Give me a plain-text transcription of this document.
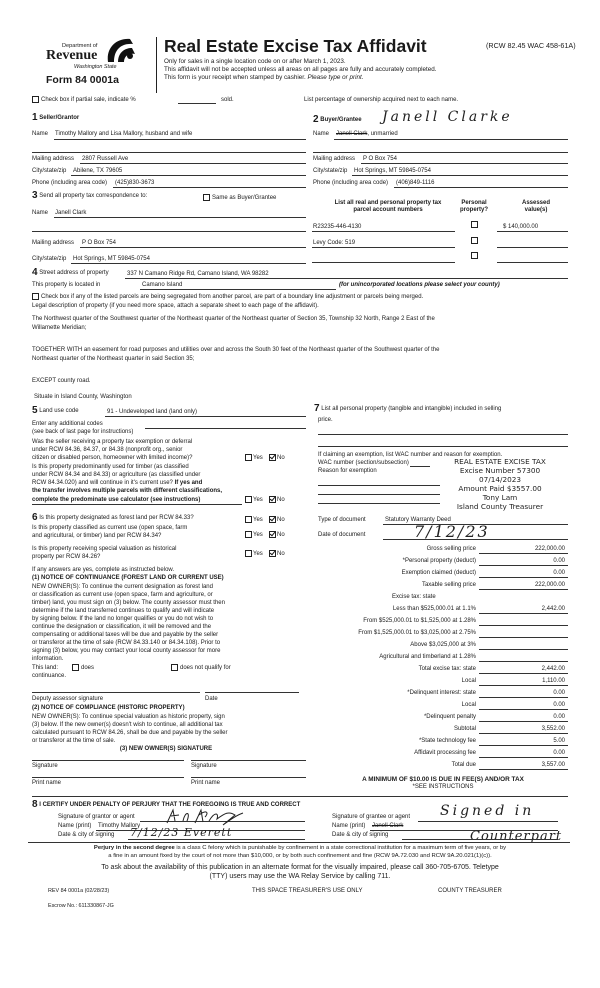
Department of
Revenue
Washington State
Form 84 0001a
Real Estate Excise Tax Affidavit	(RCW 82.45 WAC 458-61A)
Only for sales in a single location code on or after March 1, 2023.
This affidavit will not be accepted unless all areas on all pages are fully and accurately completed.
This form is your receipt when stamped by cashier. Please type or print.
Check box if partial sale, indicate %	sold.	List percentage of ownership acquired next to each name.
1 Seller/Grantor
Name Timothy Mallory and Lisa Mallory, husband and wife
Mailing address 2807 Russell Ave
City/state/zip Abilene, TX 79605
Phone (including area code) (425)830-3673
3 Send all property tax correspondence to:	Same as Buyer/Grantee
Name Janell Clark
Mailing address P O Box 754
City/state/zip Hot Springs, MT 59845-0754
2 Buyer/Grantee Janell Clarke
Name Janell Clark, unmarried
Mailing address P O Box 754
City/state/zip Hot Springs, MT 59845-0754
Phone (including area code) (406)849-1116
List all real and personal property tax
parcel account numbers
Personal
property?
Assessed
value(s)
R23235-446-4130	$ 140,000.00
Levy Code: 519
4 Street address of property	337 N Camano Ridge Rd, Camano Island, WA 98282
This property is located in	Camano Island	(for unincorporated locations please select your county)
Check box if any of the listed parcels are being segregated from another parcel, are part of a boundary line adjustment or parcels being merged.
Legal description of property (if you need more space, attach a separate sheet to each page of the affidavit).
The Northwest quarter of the Southwest quarter of the Northeast quarter of the Northeast quarter of Section 35, Township 32 North, Range 2 East of the
Willamette Meridian;
TOGETHER WITH an easement for road purposes and utilities over and across the South 30 feet of the Northeast quarter of the Southwest quarter of the
Northeast quarter of the Northeast quarter in said Section 35;
EXCEPT county road.
Situate in Island County, Washington
5 Land use code	91 - Undeveloped land (land only)
Enter any additional codes
(see back of last page for instructions)
Was the seller receiving a property tax exemption or deferral
under RCW 84.36, 84.37, or 84.38 (nonprofit org., senior
citizen or disabled person, homeowner with limited income)?	Yes No
Is this property predominantly used for timber (as classified
under RCW 84.34 and 84.33) or agriculture (as classified under
RCW 84.34.020) and will continue in it's current use? If yes and
the transfer involves multiple parcels with different classifications,
complete the predominate use calculator (see instructions)	Yes No
7 List all personal property (tangible and intangible) included in selling
price.
If claiming an exemption, list WAC number and reason for exemption.
WAC number (section/subsection)
Reason for exemption
REAL ESTATE EXCISE TAX
Excise Number 57300
07/14/2023
Amount Paid $3557.00
Tony Lam
Island County Treasurer
6 Is this property designated as forest land per RCW 84.33?	Yes No
Is this property classified as current use (open space, farm
and agricultural, or timber) land per RCW 84.34?	Yes No
Is this property receiving special valuation as historical
property per RCW 84.26?	Yes No
If any answers are yes, complete as instructed below.
(1) NOTICE OF CONTINUANCE (FOREST LAND OR CURRENT USE)
NEW OWNER(S): To continue the current designation as forest land
or classification as current use (open space, farm and agriculture, or
timber) land, you must sign on (3) below. The county assessor must then
determine if the land transferred continues to qualify and will indicate
by signing below. If the land no longer qualifies or you do not wish to
continue the designation or classification, it will be removed and the
compensating or additional taxes will be due and payable by the seller
or transferor at the time of sale (RCW 84.33.140 or 84.34.108). Prior to
signing (3) below, you may contact your local county assessor for more
information.
This land:	does	does not qualify for
continuance.
Deputy assessor signature	Date
(2) NOTICE OF COMPLIANCE (HISTORIC PROPERTY)
NEW OWNER(S): To continue special valuation as historic property, sign
(3) below. If the new owner(s) doesn't wish to continue, all additional tax
calculated pursuant to RCW 84.26, shall be due and payable by the seller
or transferor at the time of sale.
(3) NEW OWNER(S) SIGNATURE
Signature	Signature
Print name	Print name
Type of document	Statutory Warranty Deed
Date of document	7/12/23
Gross selling price	222,000.00
*Personal property (deduct)	0.00
Exemption claimed (deduct)	0.00
Taxable selling price	222,000.00
Excise tax: state
Less than $525,000.01 at 1.1%	2,442.00
From $525,000.01 to $1,525,000 at 1.28%
From $1,525,000.01 to $3,025,000 at 2.75%
Above $3,025,000 at 3%
Agricultural and timberland at 1.28%
Total excise tax: state	2,442.00
Local	1,110.00
*Delinquent interest: state	0.00
Local	0.00
*Delinquent penalty	0.00
Subtotal	3,552.00
*State technology fee	5.00
Affidavit processing fee	0.00
Total due	3,557.00
A MINIMUM OF $10.00 IS DUE IN FEE(S) AND/OR TAX
*SEE INSTRUCTIONS
8 I CERTIFY UNDER PENALTY OF PERJURY THAT THE FOREGOING IS TRUE AND CORRECT
Signature of grantor or agent
Name (print) Timothy Mallory
Date & city of signing 7/12/23 Everett
Signature of grantee or agent Signed in
Name (print) Janell Clark
Date & city of signing	Counterpart
Perjury in the second degree is a class C felony which is punishable by confinement in a state correctional institution for a maximum term of five years, or by
a fine in an amount fixed by the court of not more than $10,000, or by both such confinement and fine (RCW 9A.72.030 and RCW 9A.20.021(1)(c)).
To ask about the availability of this publication in an alternate format for the visually impaired, please call 360-705-6705. Teletype
(TTY) users may use the WA Relay Service by calling 711.
REV 84 0001a (02/28/23)	THIS SPACE TREASURER'S USE ONLY	COUNTY TREASURER
Escrow No.: 611330867-JG
